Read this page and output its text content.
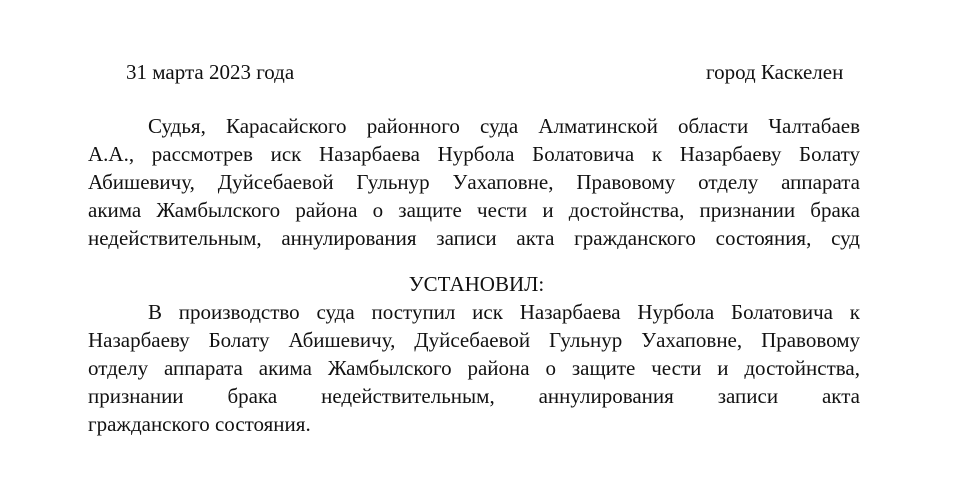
31 марта 2023 года	город Каскелен
Судья, Карасайского районного суда Алматинской области Чалтабаев
А.А., рассмотрев иск Назарбаева Нурбола Болатовича к Назарбаеву Болату
Абишевичу, Дуйсебаевой Гульнур Уахаповне, Правовому отделу аппарата
акима Жамбылского района о защите чести и достойнства, признании брака
недействительным, аннулирования записи акта гражданского состояния, суд
УСТАНОВИЛ:
В производство суда поступил иск Назарбаева Нурбола Болатовича к
Назарбаеву Болату Абишевичу, Дуйсебаевой Гульнур Уахаповне, Правовому
отделу аппарата акима Жамбылского района о защите чести и достойнства,
признании брака недействительным, аннулирования записи акта
гражданского состояния.
